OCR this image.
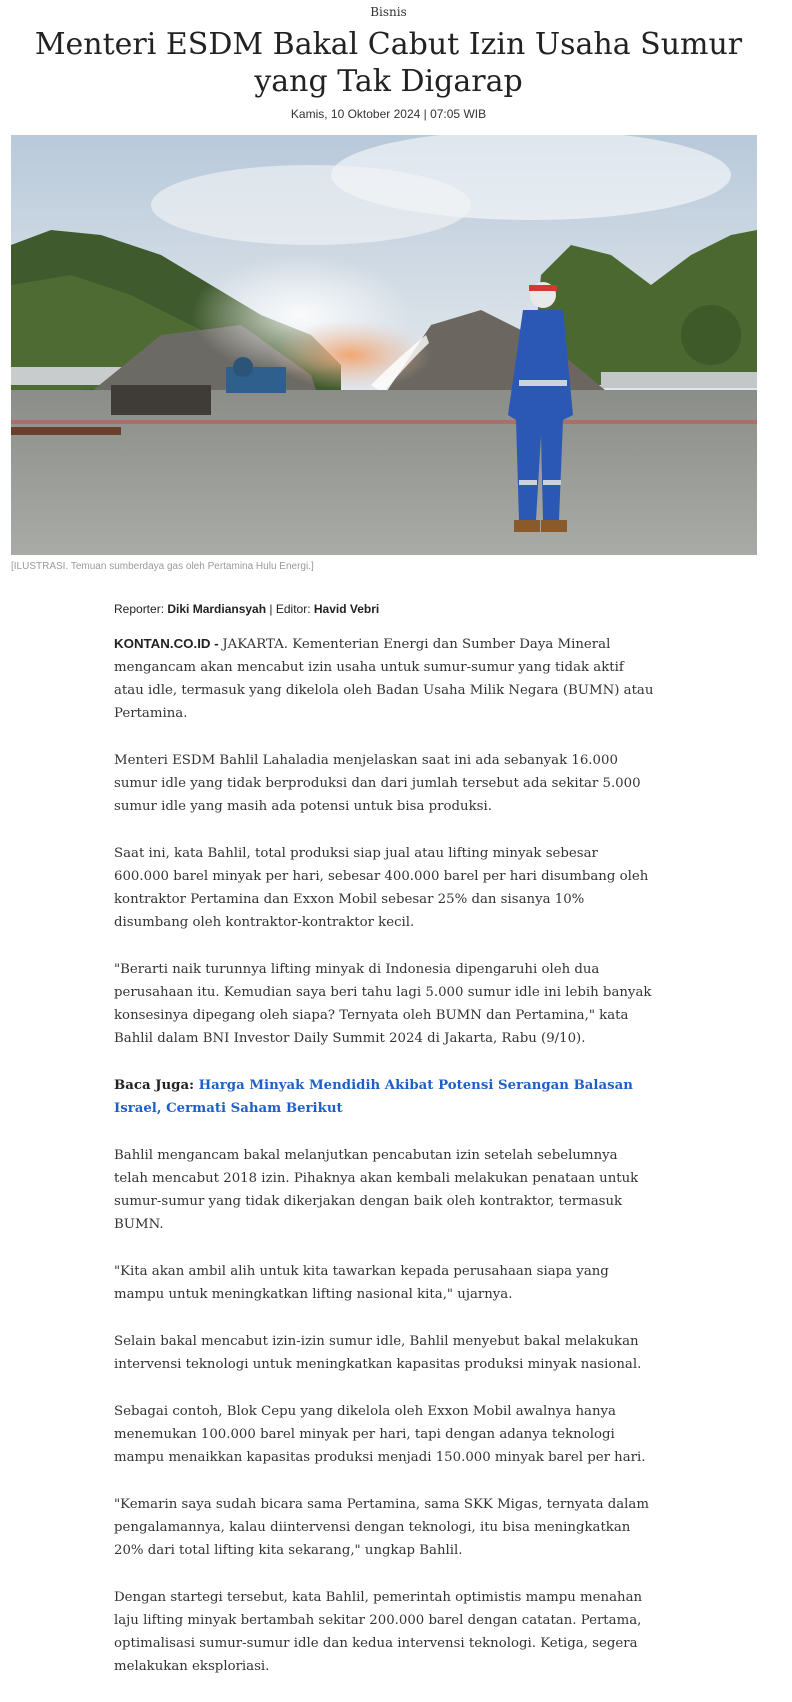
Bisnis
Menteri ESDM Bakal Cabut Izin Usaha Sumur yang Tak Digarap
Kamis, 10 Oktober 2024 | 07:05 WIB
[ILUSTRASI. Temuan sumberdaya gas oleh Pertamina Hulu Energi.]
Reporter: Diki Mardiansyah | Editor: Havid Vebri

KONTAN.CO.ID - JAKARTA. Kementerian Energi dan Sumber Daya Mineral mengancam akan mencabut izin usaha untuk sumur-sumur yang tidak aktif atau idle, termasuk yang dikelola oleh Badan Usaha Milik Negara (BUMN) atau Pertamina.

Menteri ESDM Bahlil Lahaladia menjelaskan saat ini ada sebanyak 16.000 sumur idle yang tidak berproduksi dan dari jumlah tersebut ada sekitar 5.000 sumur idle yang masih ada potensi untuk bisa produksi.

Saat ini, kata Bahlil, total produksi siap jual atau lifting minyak sebesar 600.000 barel minyak per hari, sebesar 400.000 barel per hari disumbang oleh kontraktor Pertamina dan Exxon Mobil sebesar 25% dan sisanya 10% disumbang oleh kontraktor-kontraktor kecil.

"Berarti naik turunnya lifting minyak di Indonesia dipengaruhi oleh dua perusahaan itu. Kemudian saya beri tahu lagi 5.000 sumur idle ini lebih banyak konsesinya dipegang oleh siapa? Ternyata oleh BUMN dan Pertamina," kata Bahlil dalam BNI Investor Daily Summit 2024 di Jakarta, Rabu (9/10).

Baca Juga: Harga Minyak Mendidih Akibat Potensi Serangan Balasan Israel, Cermati Saham Berikut

Bahlil mengancam bakal melanjutkan pencabutan izin setelah sebelumnya telah mencabut 2018 izin. Pihaknya akan kembali melakukan penataan untuk sumur-sumur yang tidak dikerjakan dengan baik oleh kontraktor, termasuk BUMN.

"Kita akan ambil alih untuk kita tawarkan kepada perusahaan siapa yang mampu untuk meningkatkan lifting nasional kita," ujarnya.

Selain bakal mencabut izin-izin sumur idle, Bahlil menyebut bakal melakukan intervensi teknologi untuk meningkatkan kapasitas produksi minyak nasional.

Sebagai contoh, Blok Cepu yang dikelola oleh Exxon Mobil awalnya hanya menemukan 100.000 barel minyak per hari, tapi dengan adanya teknologi mampu menaikkan kapasitas produksi menjadi 150.000 minyak barel per hari.

"Kemarin saya sudah bicara sama Pertamina, sama SKK Migas, ternyata dalam pengalamannya, kalau diintervensi dengan teknologi, itu bisa meningkatkan 20% dari total lifting kita sekarang," ungkap Bahlil.

Dengan startegi tersebut, kata Bahlil, pemerintah optimistis mampu menahan laju lifting minyak bertambah sekitar 200.000 barel dengan catatan. Pertama, optimalisasi sumur-sumur idle dan kedua intervensi teknologi. Ketiga, segera melakukan eksploriasi.
